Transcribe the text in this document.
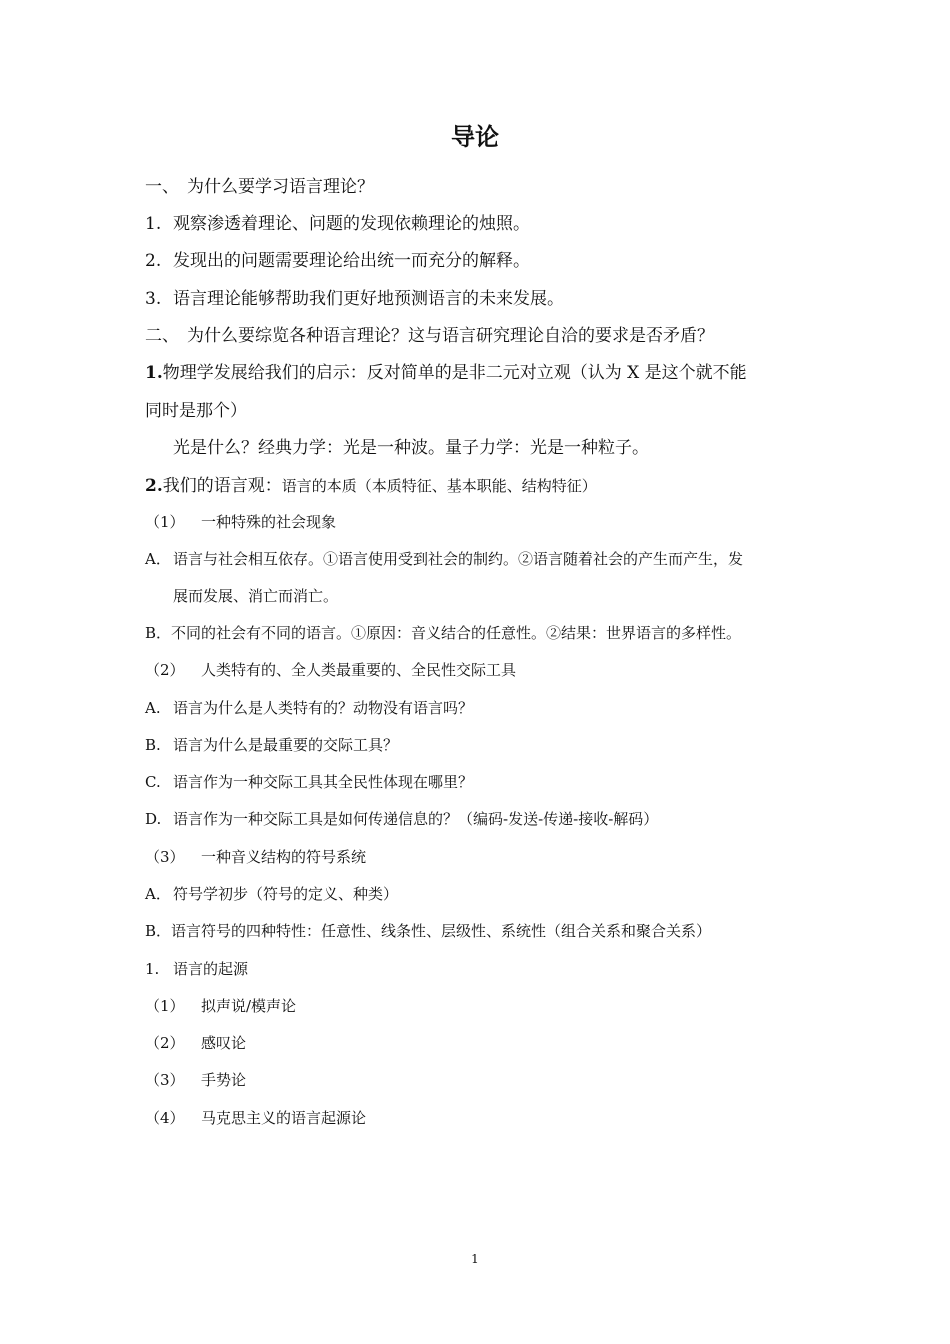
导论
一、 为什么要学习语言理论？
1. 观察渗透着理论、问题的发现依赖理论的烛照。
2. 发现出的问题需要理论给出统一而充分的解释。
3. 语言理论能够帮助我们更好地预测语言的未来发展。
二、 为什么要综览各种语言理论？这与语言研究理论自洽的要求是否矛盾？
1.物理学发展给我们的启示：反对简单的是非二元对立观（认为 X 是这个就不能
同时是那个）
光是什么？经典力学：光是一种波。量子力学：光是一种粒子。
2.我们的语言观：语言的本质（本质特征、基本职能、结构特征）
（1） 一种特殊的社会现象
A． 语言与社会相互依存。①语言使用受到社会的制约。②语言随着社会的产生而产生，发
展而发展、消亡而消亡。
B．不同的社会有不同的语言。①原因：音义结合的任意性。②结果：世界语言的多样性。
（2） 人类特有的、全人类最重要的、全民性交际工具
A. 语言为什么是人类特有的？动物没有语言吗？
B. 语言为什么是最重要的交际工具？
C. 语言作为一种交际工具其全民性体现在哪里？
D. 语言作为一种交际工具是如何传递信息的？（编码-发送-传递-接收-解码）
（3） 一种音义结构的符号系统
A． 符号学初步（符号的定义、种类）
B．语言符号的四种特性：任意性、线条性、层级性、系统性（组合关系和聚合关系）
1. 语言的起源
（1） 拟声说/模声论
（2） 感叹论
（3） 手势论
（4） 马克思主义的语言起源论
1
